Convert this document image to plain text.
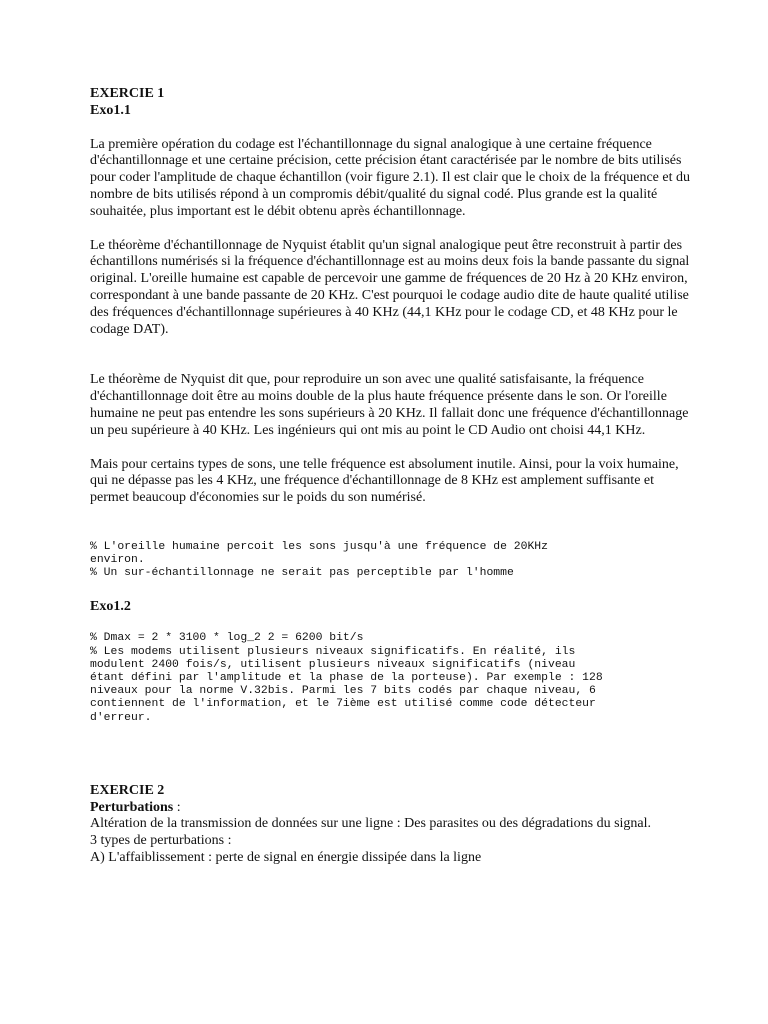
EXERCIE 1
Exo1.1

La première opération du codage est l'échantillonnage du signal analogique à une certaine fréquence d'échantillonnage et une certaine précision, cette précision étant caractérisée par le nombre de bits utilisés pour coder l'amplitude de chaque échantillon (voir figure 2.1). Il est clair que le choix de la fréquence et du nombre de bits utilisés répond à un compromis débit/qualité du signal codé. Plus grande est la qualité souhaitée, plus important est le débit obtenu après échantillonnage.

Le théorème d'échantillonnage de Nyquist établit qu'un signal analogique peut être reconstruit à partir des échantillons numérisés si la fréquence d'échantillonnage est au moins deux fois la bande passante du signal original. L'oreille humaine est capable de percevoir une gamme de fréquences de 20 Hz à 20 KHz environ, correspondant à une bande passante de 20 KHz. C'est pourquoi le codage audio dite de haute qualité utilise des fréquences d'échantillonnage supérieures à 40 KHz (44,1 KHz pour le codage CD, et 48 KHz pour le codage DAT).

Le théorème de Nyquist dit que, pour reproduire un son avec une qualité satisfaisante, la fréquence d'échantillonnage doit être au moins double de la plus haute fréquence présente dans le son. Or l'oreille humaine ne peut pas entendre les sons supérieurs à 20 KHz. Il fallait donc une fréquence d'échantillonnage un peu supérieure à 40 KHz. Les ingénieurs qui ont mis au point le CD Audio ont choisi 44,1 KHz.

Mais pour certains types de sons, une telle fréquence est absolument inutile. Ainsi, pour la voix humaine, qui ne dépasse pas les 4 KHz, une fréquence d'échantillonnage de 8 KHz est amplement suffisante et permet beaucoup d'économies sur le poids du son numérisé.

% L'oreille humaine percoit les sons jusqu'à une fréquence de 20KHz
environ.
% Un sur-échantillonnage ne serait pas perceptible par l'homme
Exo1.2
% Dmax = 2 * 3100 * log_2 2 = 6200 bit/s
% Les modems utilisent plusieurs niveaux significatifs. En réalité, ils
modulent 2400 fois/s, utilisent plusieurs niveaux significatifs (niveau
étant défini par l'amplitude et la phase de la porteuse). Par exemple : 128
niveaux pour la norme V.32bis. Parmi les 7 bits codés par chaque niveau, 6
contiennent de l'information, et le 7ième est utilisé comme code détecteur
d'erreur.
EXERCIE 2
Perturbations :

Altération de la transmission de données sur une ligne : Des parasites ou des dégradations du signal.

3 types de perturbations :

A) L'affaiblissement : perte de signal en énergie dissipée dans la ligne
